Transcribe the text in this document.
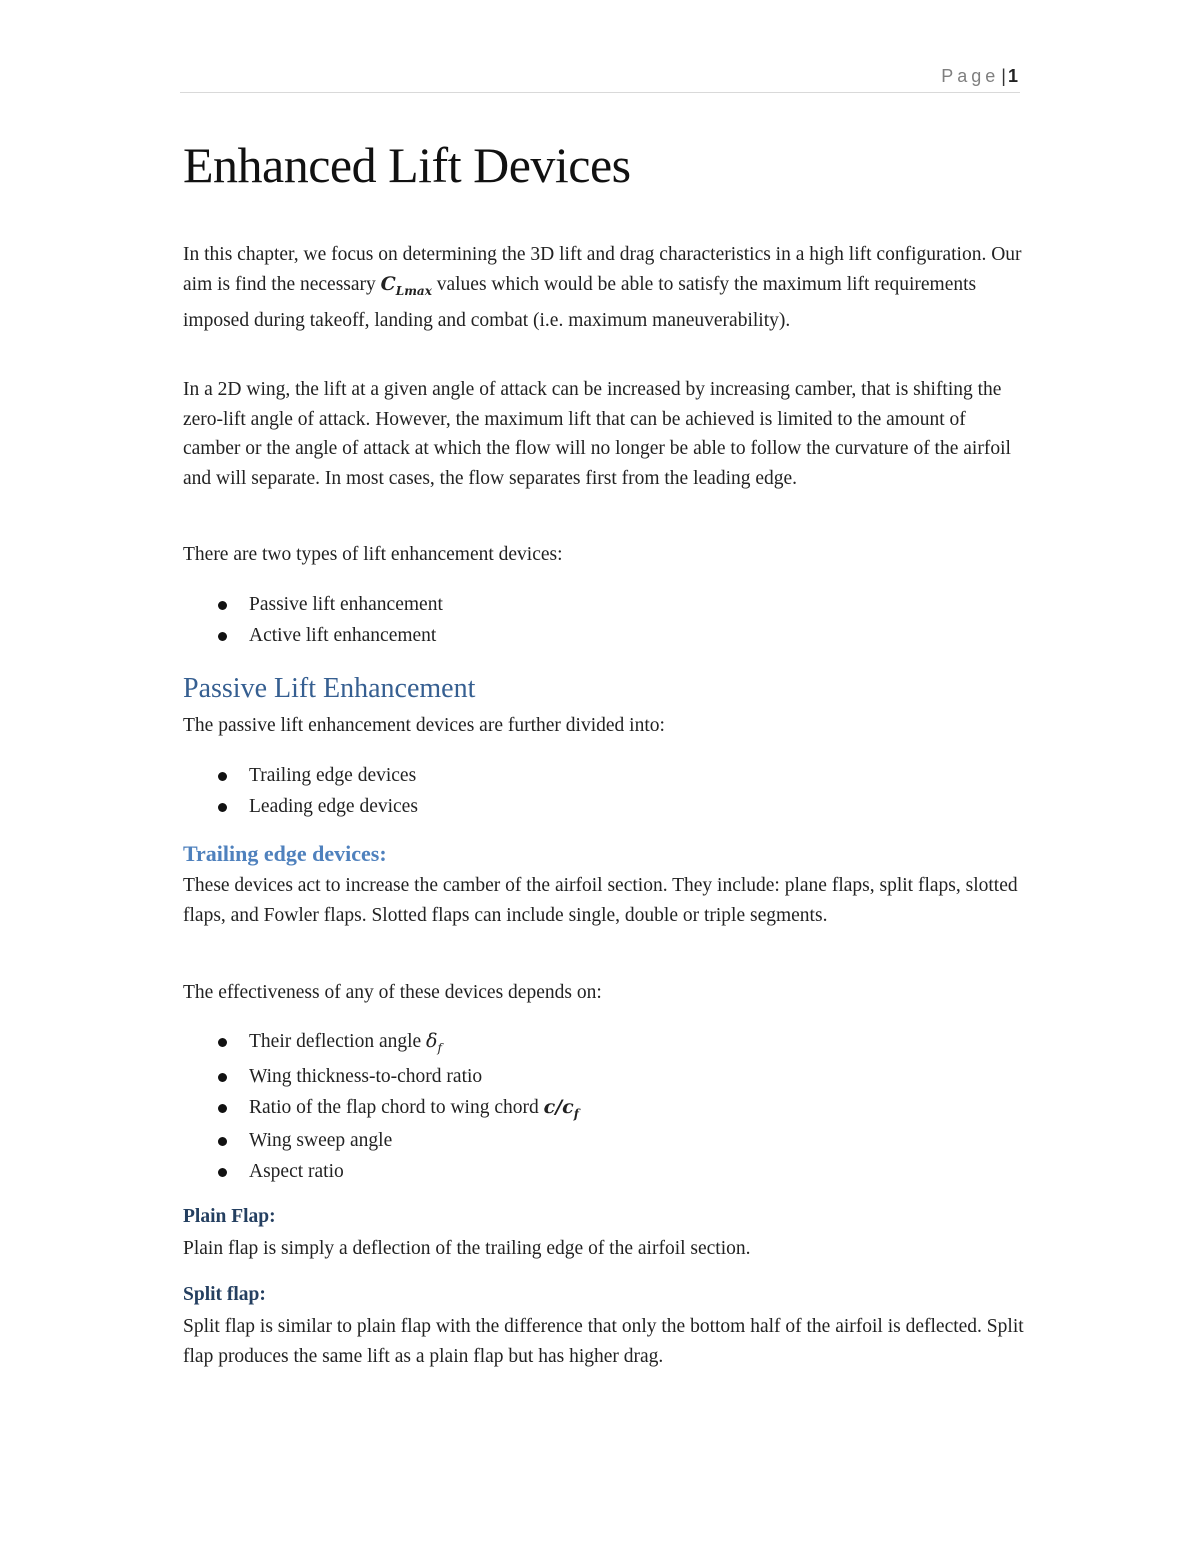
Page | 1
Enhanced Lift Devices

In this chapter, we focus on determining the 3D lift and drag characteristics in a high lift configuration. Our aim is find the necessary $C_{Lmax}$ values which would be able to satisfy the maximum lift requirements imposed during takeoff, landing and combat (i.e. maximum maneuverability).

In a 2D wing, the lift at a given angle of attack can be increased by increasing camber, that is shifting the zero-lift angle of attack. However, the maximum lift that can be achieved is limited to the amount of camber or the angle of attack at which the flow will no longer be able to follow the curvature of the airfoil and will separate. In most cases, the flow separates first from the leading edge.

There are two types of lift enhancement devices:

Passive lift enhancement
Active lift enhancement
Passive Lift Enhancement

The passive lift enhancement devices are further divided into:

Trailing edge devices
Leading edge devices
Trailing edge devices:

These devices act to increase the camber of the airfoil section. They include: plane flaps, split flaps, slotted flaps, and Fowler flaps. Slotted flaps can include single, double or triple segments.

The effectiveness of any of these devices depends on:

Their deflection angle $\delta_f$
Wing thickness-to-chord ratio
Ratio of the flap chord to wing chord $c/c_f$
Wing sweep angle
Aspect ratio
Plain Flap:

Plain flap is simply a deflection of the trailing edge of the airfoil section.

Split flap:

Split flap is similar to plain flap with the difference that only the bottom half of the airfoil is deflected. Split flap produces the same lift as a plain flap but has higher drag.
